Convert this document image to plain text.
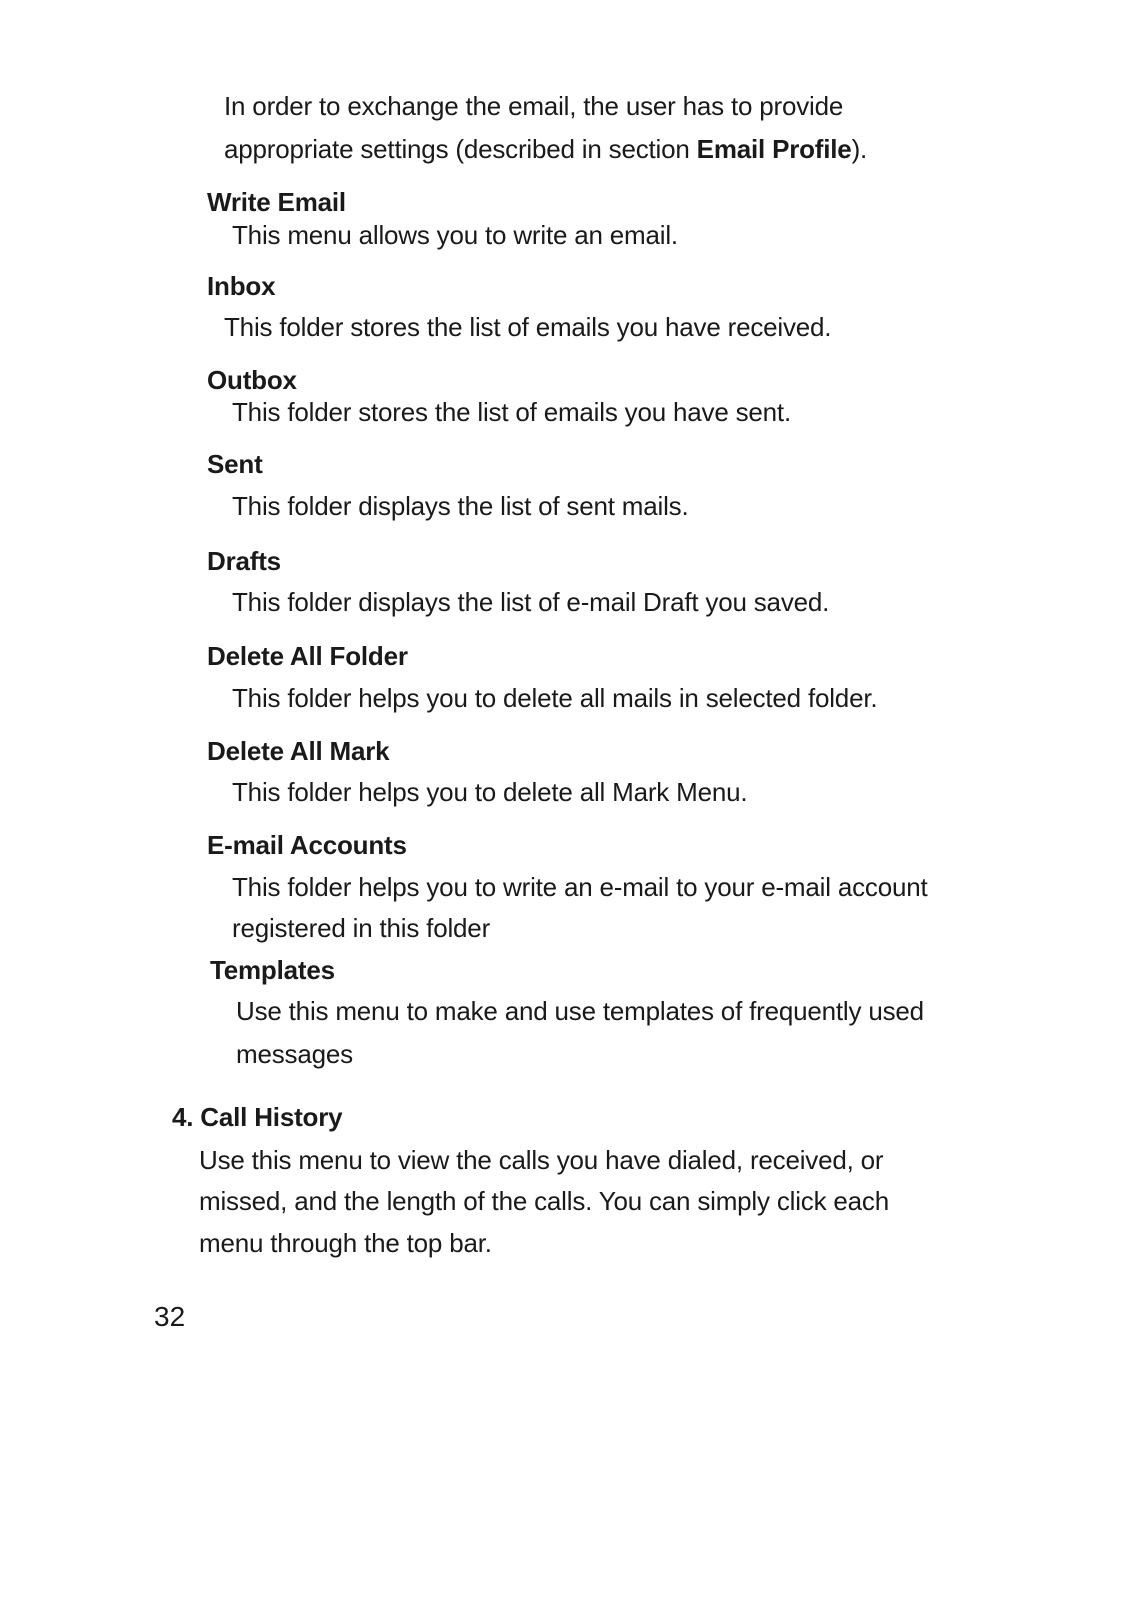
In order to exchange the email, the user has to provide
appropriate settings (described in section Email Profile).
Write Email
This menu allows you to write an email.
Inbox
This folder stores the list of emails you have received.
Outbox
This folder stores the list of emails you have sent.
Sent
This folder displays the list of sent mails.
Drafts
This folder displays the list of e-mail Draft you saved.
Delete All Folder
This folder helps you to delete all mails in selected folder.
Delete All Mark
This folder helps you to delete all Mark Menu.
E-mail Accounts
This folder helps you to write an e-mail to your e-mail account
registered in this folder
Templates
Use this menu to make and use templates of frequently used
messages
4. Call History
Use this menu to view the calls you have dialed, received, or
missed, and the length of the calls. You can simply click each
menu through the top bar.
32
